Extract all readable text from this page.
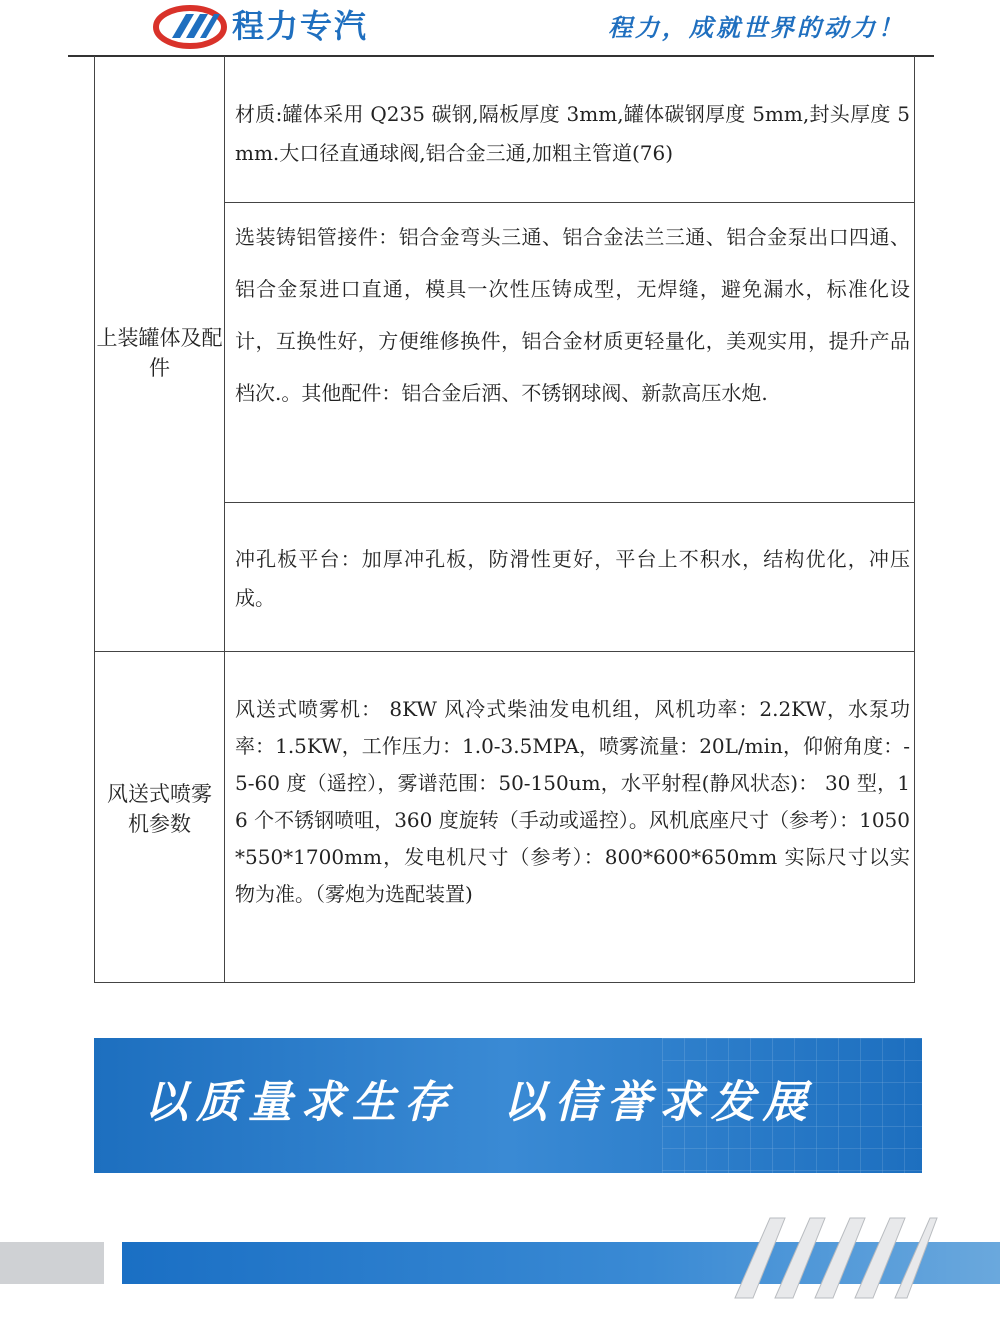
程力专汽	程力，成就世界的动力！
上装罐体及配件
风送式喷雾机参数
材质:罐体采用 Q235 碳钢,隔板厚度 3mm,罐体碳钢厚度 5mm,封头厚度 5mm.大口径直通球阀,铝合金三通,加粗主管道(76)
选装铸铝管接件：铝合金弯头三通、铝合金法兰三通、铝合金泵出口四通、铝合金泵进口直通，模具一次性压铸成型，无焊缝，避免漏水，标准化设计，互换性好，方便维修换件，铝合金材质更轻量化，美观实用，提升产品档次.。其他配件：铝合金后洒、不锈钢球阀、新款高压水炮.
冲孔板平台：加厚冲孔板，防滑性更好，平台上不积水，结构优化，冲压成。
风送式喷雾机： 8KW 风冷式柴油发电机组，风机功率：2.2KW，水泵功率：1.5KW，工作压力：1.0-3.5MPA，喷雾流量：20L/min，仰俯角度：-5-60 度（遥控），雾谱范围：50-150um，水平射程(静风状态)： 30 型，16 个不锈钢喷咀，360 度旋转（手动或遥控）。风机底座尺寸（参考）：1050*550*1700mm，发电机尺寸（参考）：800*600*650mm 实际尺寸以实物为准。（雾炮为选配装置)
以质量求生存  以信誉求发展
